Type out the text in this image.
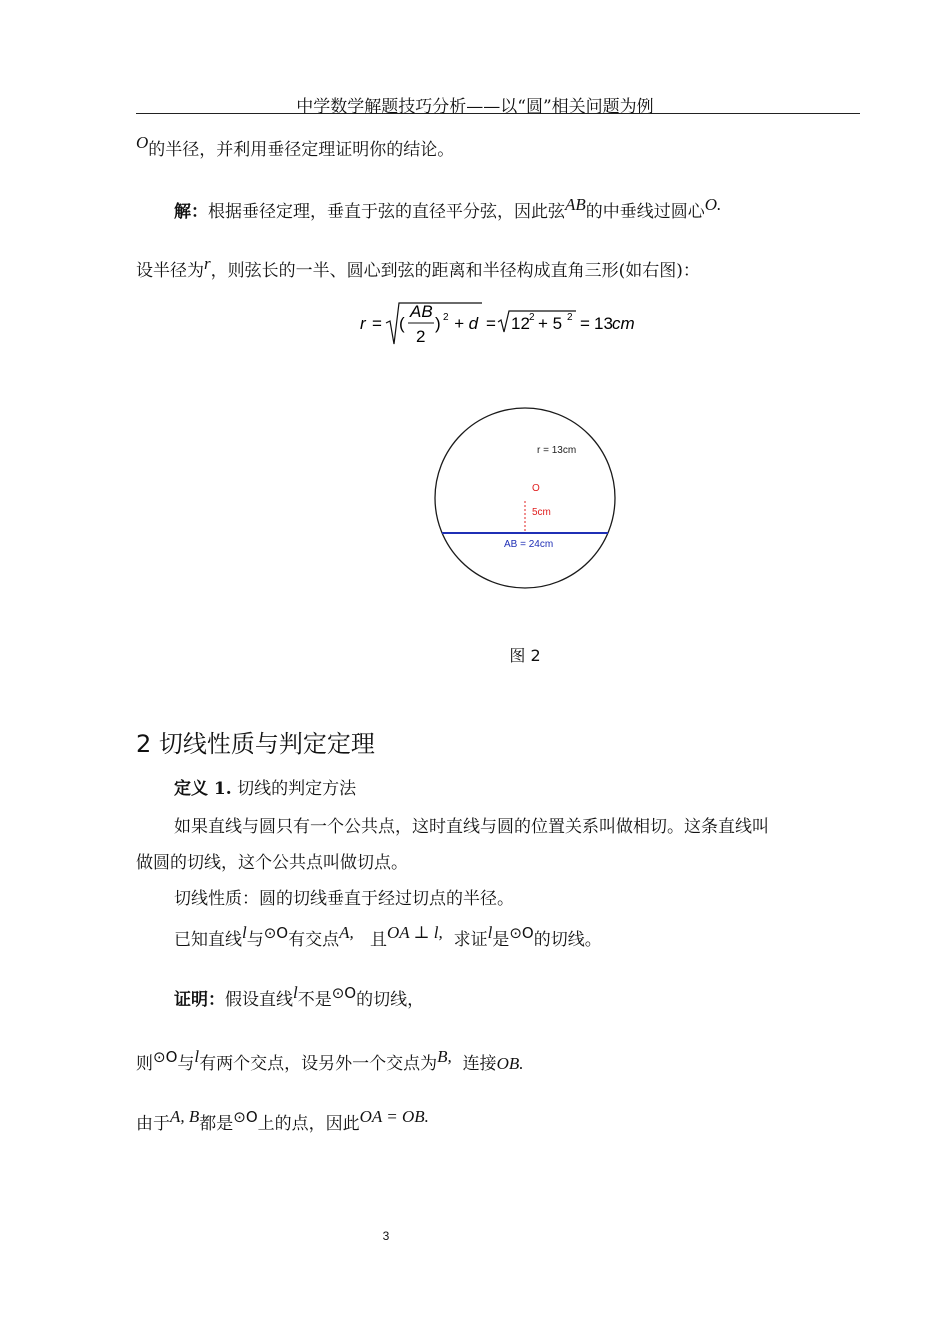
中学数学解题技巧分析——以“圆”相关问题为例
O的半径，并利用垂径定理证明你的结论。
解：根据垂径定理，垂直于弦的直径平分弦，因此弦AB的中垂线过圆心O.
设半径为r，则弦长的一半、圆心到弦的距离和半径构成直角三形(如右图)：
r = (
AB
2
) 2 + d = 12 2 + 5 2 = 13 cm
r = 13cm
O
5cm
AB = 24cm
图 2
2 切线性质与判定定理
定义 1. 切线的判定方法
如果直线与圆只有一个公共点，这时直线与圆的位置关系叫做相切。这条直线叫
做圆的切线，这个公共点叫做切点。
切线性质：圆的切线垂直于经过切点的半径。
已知直线l与⊙O有交点A, 且OA ⊥ l, 求证l是⊙O的切线。
证明：假设直线l不是⊙O的切线，
则⊙O与l有两个交点，设另外一个交点为B, 连接OB.
由于A, B都是⊙O上的点，因此OA = OB.
3
